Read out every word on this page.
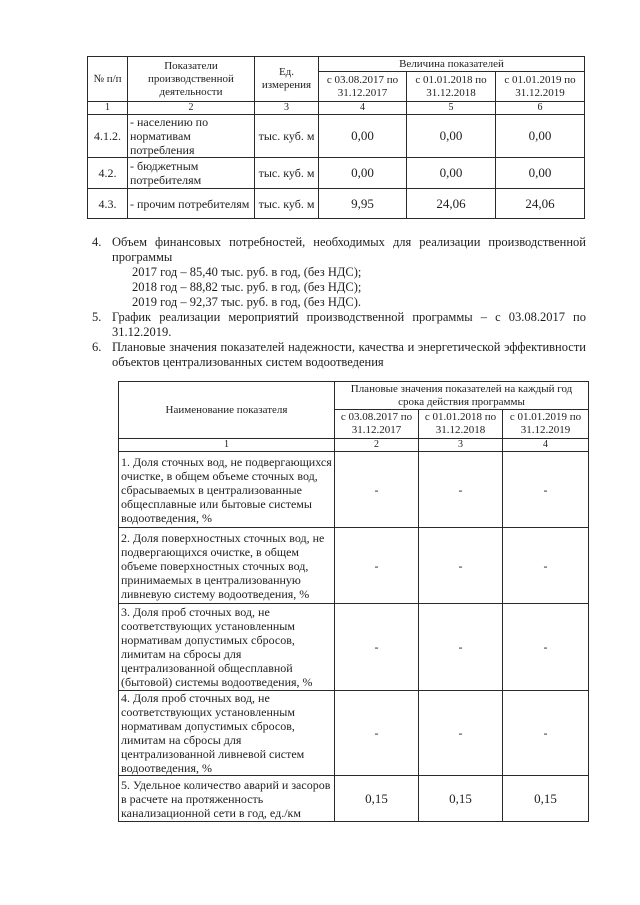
№ п/п	Показатели производственной деятельности	Ед. измерения	Величина показателей		
			с 03.08.2017 по 31.12.2017	с 01.01.2018 по 31.12.2018	с 01.01.2019 по 31.12.2019
1	2	3	4	5	6
4.1.2.	- населению по нормативам потребления	тыс. куб. м	0,00	0,00	0,00
4.2.	- бюджетным потребителям	тыс. куб. м	0,00	0,00	0,00
4.3.	- прочим потребителям	тыс. куб. м	9,95	24,06	24,06
4. Объем финансовых потребностей, необходимых для реализации производственной программы
2017 год – 85,40 тыс. руб. в год, (без НДС);
2018 год – 88,82 тыс. руб. в год, (без НДС);
2019 год – 92,37 тыс. руб. в год, (без НДС).
5. График реализации мероприятий производственной программы – с 03.08.2017 по 31.12.2019.
6. Плановые значения показателей надежности, качества и энергетической эффективности объектов централизованных систем водоотведения
Наименование показателя	Плановые значения показателей на каждый год срока действия программы		
	с 03.08.2017 по 31.12.2017	с 01.01.2018 по 31.12.2018	с 01.01.2019 по 31.12.2019
1	2	3	4
1. Доля сточных вод, не подвергающихся очистке, в общем объеме сточных вод, сбрасываемых в централизованные общесплавные или бытовые системы водоотведения, %	-	-	-
2. Доля поверхностных сточных вод, не подвергающихся очистке, в общем объеме поверхностных сточных вод, принимаемых в централизованную ливневую систему водоотведения, %	-	-	-
3. Доля проб сточных вод, не соответствующих установленным нормативам допустимых сбросов, лимитам на сбросы для централизованной общесплавной (бытовой) системы водоотведения, %	-	-	-
4. Доля проб сточных вод, не соответствующих установленным нормативам допустимых сбросов, лимитам на сбросы для централизованной ливневой систем водоотведения, %	-	-	-
5. Удельное количество аварий и засоров в расчете на протяженность канализационной сети в год, ед./км	0,15	0,15	0,15
